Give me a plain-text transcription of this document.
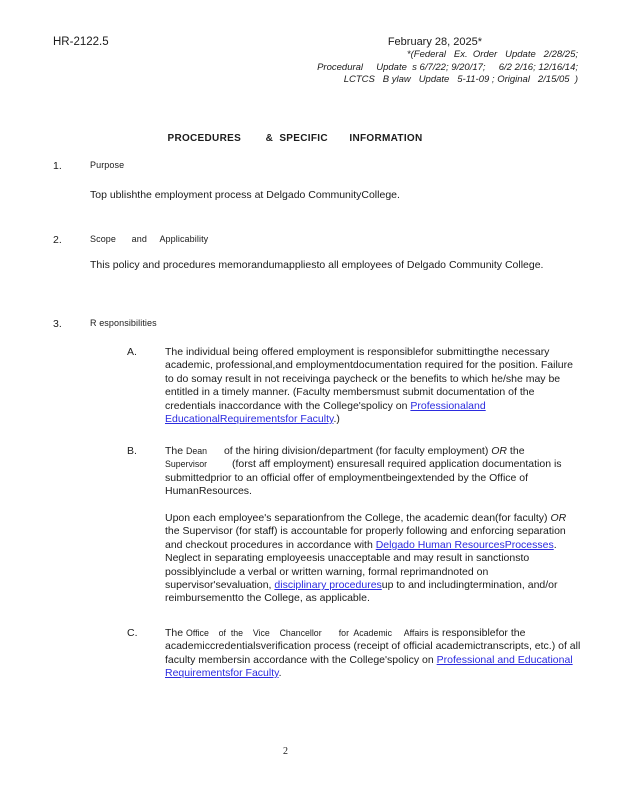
HR-2122.5	February 28, 2025*
*(Federal   Ex.  Order   Update   2/28/25;
Procedural     Update  s 6/7/22; 9/20/17;     6/2 2/16; 12/16/14;
LCTCS   B ylaw   Update   5-11-09 ; Original   2/15/05  )
PROCEDURES        &  SPECIFIC       INFORMATION
1.	Purpose
Top ublishthe employment process at Delgado CommunityCollege.
2.	Scope      and     Applicability
This policy and procedures memorandumappliesto all employees of Delgado Community College.
3.	R esponsibilities
A.	The individual being offered employment is responsiblefor submittingthe necessary academic, professional,and employmentdocumentation required for the position. Failure to do somay result in not receivinga paycheck or the benefits to which he/she may be entitled in a timely manner. (Faculty membersmust submit documentation of the credentials inaccordance with the College'spolicy on Professionaland EducationalRequirementsfor Faculty.)
B.	The Dean of the hiring division/department (for faculty employment) OR the Supervisor (forst aff employment) ensuresall required application documentation is submittedprior to an official offer of employmentbeingextended by the Office of HumanResources.
Upon each employee's separationfrom the College, the academic dean(for faculty) OR the Supervisor (for staff) is accountable for properly following and enforcing separation and checkout procedures in accordance with Delgado Human ResourcesProcesses. Neglect in separating employeesis unacceptable and may result in sanctionsto possiblyinclude a verbal or written warning, formal reprimandnoted on supervisor'sevaluation, disciplinary proceduresup to and includingtermination, and/or reimbursementto the College, as applicable.
C.	The Office    of  the    Vice    Chancellor       for  Academic     Affairs is responsiblefor the academiccredentialsverification process (receipt of official academictranscripts, etc.) of all faculty membersin accordance with the College'spolicy on Professional and Educational Requirementsfor Faculty.
2
